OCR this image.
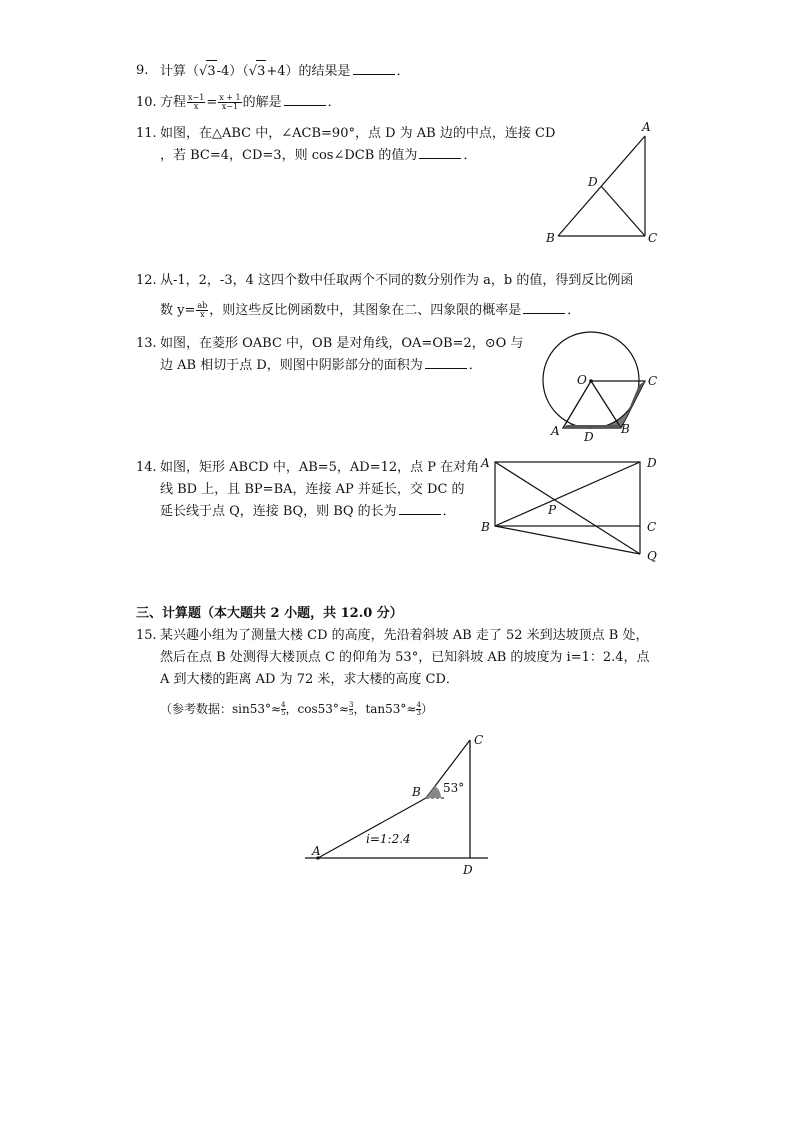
9. 计算（√3-4）（√3+4）的结果是	．
10. 方程 $\frac{x-1}{x} = \frac{x + 1}{x-1}$ 的解是	．
11. 如图，在△ABC 中，∠ACB=90°，点 D 为 AB 边的中点，连接 CD
，若 BC=4，CD=3，则 cos∠DCB 的值为	．
A
B	C
D
12. 从-1，2，-3，4 这四个数中任取两个不同的数分别作为 a，b 的值，得到反比例函
数 $y= \frac{ab}{x}$ ，则这些反比例函数中，其图象在二、四象限的概率是	．
13. 如图，在菱形 OABC 中，OB 是对角线，OA=OB=2，⊙O 与
边 AB 相切于点 D，则图中阴影部分的面积为	．
O	C
A D
B
14. 如图，矩形 ABCD 中，AB=5，AD=12，点 P 在对角
线 BD 上，且 BP=BA，连接 AP 并延长，交 DC 的
延长线于点 Q，连接 BQ，则 BQ 的长为	．
A	D
B	C
P
Q
三、计算题（本大题共 2 小题，共 12.0 分）
15. 某兴趣小组为了测量大楼 CD 的高度，先沿着斜坡 AB 走了 52 米到达坡顶点 B 处，
然后在点 B 处测得大楼顶点 C 的仰角为 53°，已知斜坡 AB 的坡度为 i=1：2.4，点
A 到大楼的距离 AD 为 72 米，求大楼的高度 CD．
（参考数据：$\sin 53^\circ\approx \frac{4}{5}$ ，$\cos 53^\circ\approx \frac{3}{5}$ ，$\tan 53^\circ\approx \frac{4}{3}$ ）
C
B
A
D
53°
i=1:2.4
